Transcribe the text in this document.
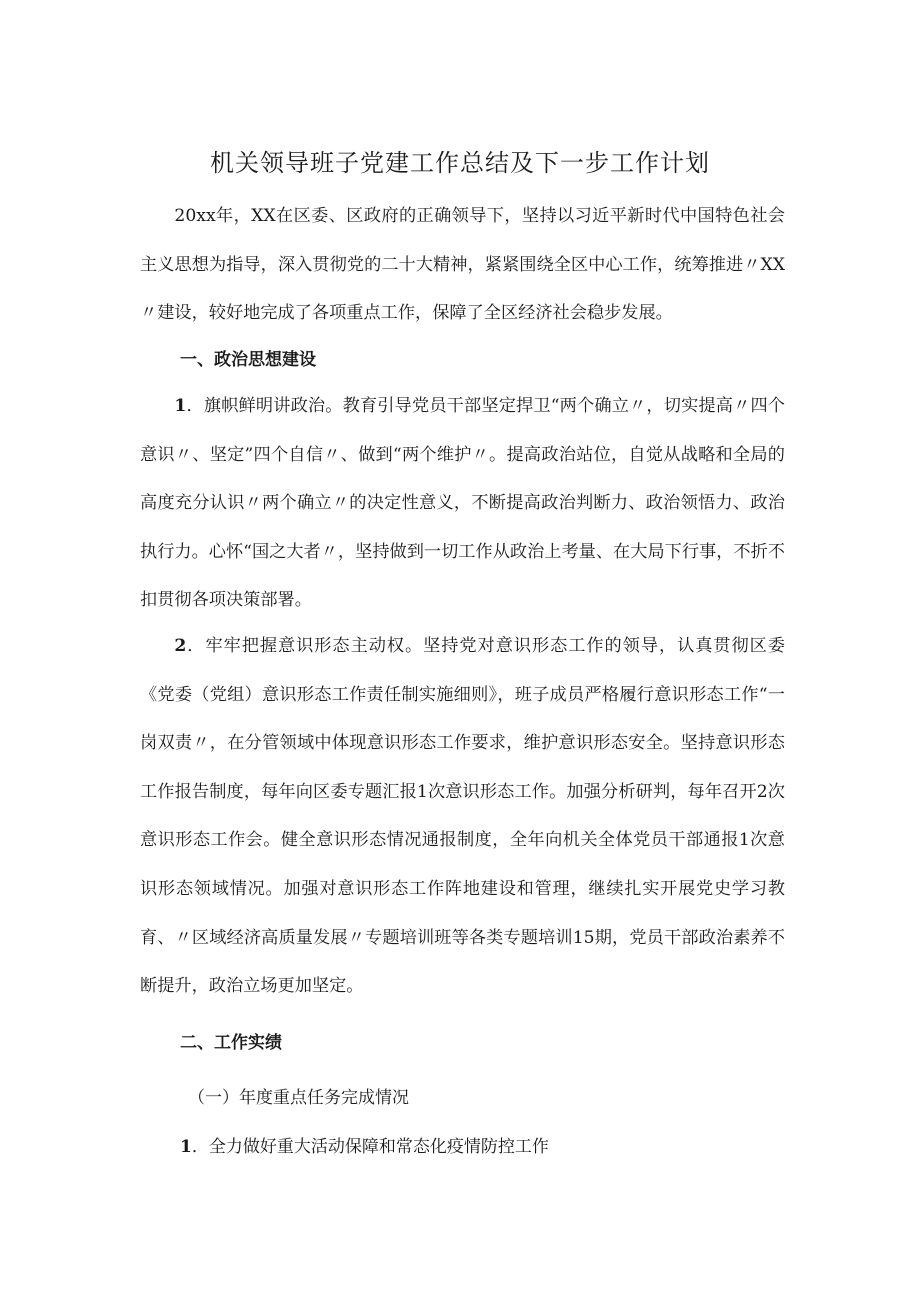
机关领导班子党建工作总结及下一步工作计划

20xx年，XX在区委、区政府的正确领导下，坚持以习近平新时代中国特色社会主义思想为指导，深入贯彻党的二十大精神，紧紧围绕全区中心工作，统筹推进〃XX〃建设，较好地完成了各项重点工作，保障了全区经济社会稳步发展。

一、政治思想建设

1．旗帜鲜明讲政治。教育引导党员干部坚定捍卫“两个确立〃，切实提高〃四个意识〃、坚定”四个自信〃、做到“两个维护〃。提高政治站位，自觉从战略和全局的高度充分认识〃两个确立〃的决定性意义，不断提高政治判断力、政治领悟力、政治执行力。心怀“国之大者〃，坚持做到一切工作从政治上考量、在大局下行事，不折不扣贯彻各项决策部署。

2．牢牢把握意识形态主动权。坚持党对意识形态工作的领导，认真贯彻区委《党委（党组）意识形态工作责任制实施细则》，班子成员严格履行意识形态工作“一岗双责〃，在分管领域中体现意识形态工作要求，维护意识形态安全。坚持意识形态工作报告制度，每年向区委专题汇报1次意识形态工作。加强分析研判，每年召开2次意识形态工作会。健全意识形态情况通报制度，全年向机关全体党员干部通报1次意识形态领域情况。加强对意识形态工作阵地建设和管理，继续扎实开展党史学习教育、〃区域经济高质量发展〃专题培训班等各类专题培训15期，党员干部政治素养不断提升，政治立场更加坚定。

二、工作实绩

（一）年度重点任务完成情况

1．全力做好重大活动保障和常态化疫情防控工作
